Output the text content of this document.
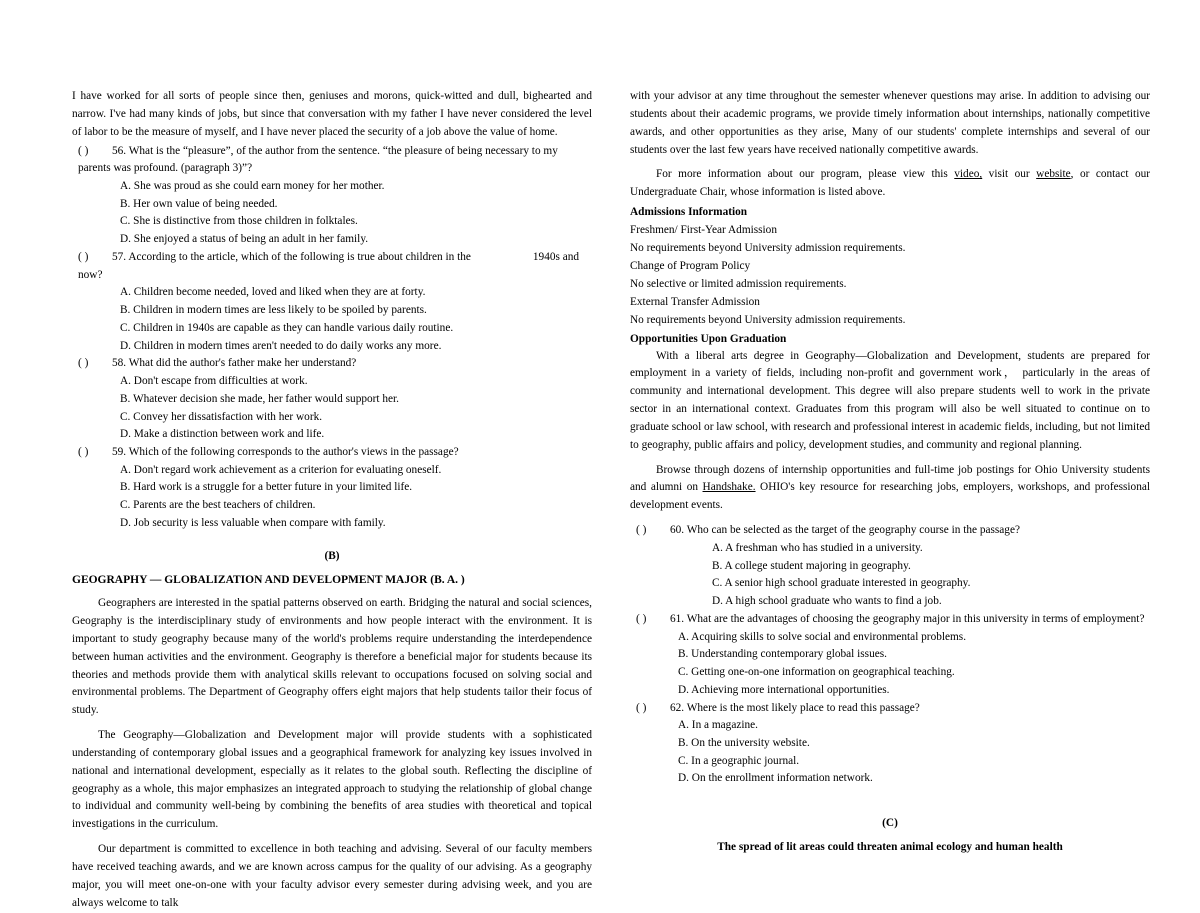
I have worked for all sorts of people since then, geniuses and morons, quick-witted and dull, bighearted and narrow. I've had many kinds of jobs, but since that conversation with my father I have never considered the level of labor to be the measure of myself, and I have never placed the security of a job above the value of home.

( ) 56. What is the “pleasure”, of the author from the sentence. “the pleasure of being necessary to my parents was profound. (paragraph 3)”?
A. She was proud as she could earn money for her mother.
B. Her own value of being needed.
C. She is distinctive from those children in folktales.
D. She enjoyed a status of being an adult in her family.
( ) 57. According to the article, which of the following is true about children in the	1940s and now?
A. Children become needed, loved and liked when they are at forty.
B. Children in modern times are less likely to be spoiled by parents.
C. Children in 1940s are capable as they can handle various daily routine.
D. Children in modern times aren't needed to do daily works any more.
( ) 58. What did the author's father make her understand?
A. Don't escape from difficulties at work.
B. Whatever decision she made, her father would support her.
C. Convey her dissatisfaction with her work.
D. Make a distinction between work and life.
( ) 59. Which of the following corresponds to the author's views in the passage?
A. Don't regard work achievement as a criterion for evaluating oneself.
B. Hard work is a struggle for a better future in your limited life.
C. Parents are the best teachers of children.
D. Job security is less valuable when compare with family.

(B)

GEOGRAPHY — GLOBALIZATION AND DEVELOPMENT MAJOR (B. A. )

Geographers are interested in the spatial patterns observed on earth. Bridging the natural and social sciences, Geography is the interdisciplinary study of environments and how people interact with the environment. It is important to study geography because many of the world's problems require understanding the interdependence between human activities and the environment. Geography is therefore a beneficial major for students because its theories and methods provide them with analytical skills relevant to occupations focused on solving social and environmental problems. The Department of Geography offers eight majors that help students tailor their focus of study.

The Geography—Globalization and Development major will provide students with a sophisticated understanding of contemporary global issues and a geographical framework for analyzing key issues involved in national and international development, especially as it relates to the global south. Reflecting the discipline of geography as a whole, this major emphasizes an integrated approach to studying the relationship of global change to individual and community well-being by combining the benefits of area studies with theoretical and topical investigations in the curriculum.

Our department is committed to excellence in both teaching and advising. Several of our faculty members have received teaching awards, and we are known across campus for the quality of our advising. As a geography major, you will meet one-on-one with your faculty advisor every semester during advising week, and you are always welcome to talk

with your advisor at any time throughout the semester whenever questions may arise. In addition to advising our students about their academic programs, we provide timely information about internships, nationally competitive awards, and other opportunities as they arise, Many of our students' complete internships and several of our students over the last few years have received nationally competitive awards.

For more information about our program, please view this video, visit our website, or contact our Undergraduate Chair, whose information is listed above.

Admissions Information

Freshmen/ First-Year Admission

No requirements beyond University admission requirements.

Change of Program Policy

No selective or limited admission requirements.

External Transfer Admission

No requirements beyond University admission requirements.

Opportunities Upon Graduation

With a liberal arts degree in Geography—Globalization and Development, students are prepared for employment in a variety of fields, including non-profit and government work， particularly in the areas of community and international development. This degree will also prepare students well to work in the private sector in an international context. Graduates from this program will also be well situated to continue on to graduate school or law school, with research and professional interest in academic fields, including, but not limited to geography, public affairs and policy, development studies, and community and regional planning.

Browse through dozens of internship opportunities and full-time job postings for Ohio University students and alumni on Handshake. OHIO's key resource for researching jobs, employers, workshops, and professional development events.

( ) 60. Who can be selected as the target of the geography course in the passage?
A. A freshman who has studied in a university.
B. A college student majoring in geography.
C. A senior high school graduate interested in geography.
D. A high school graduate who wants to find a job.
( ) 61. What are the advantages of choosing the geography major in this university in terms of employment?
A. Acquiring skills to solve social and environmental problems.
B. Understanding contemporary global issues.
C. Getting one-on-one information on geographical teaching.
D. Achieving more international opportunities.
( ) 62. Where is the most likely place to read this passage?
A. In a magazine.
B. On the university website.
C. In a geographic journal.
D. On the enrollment information network.

(C)

The spread of lit areas could threaten animal ecology and human health
